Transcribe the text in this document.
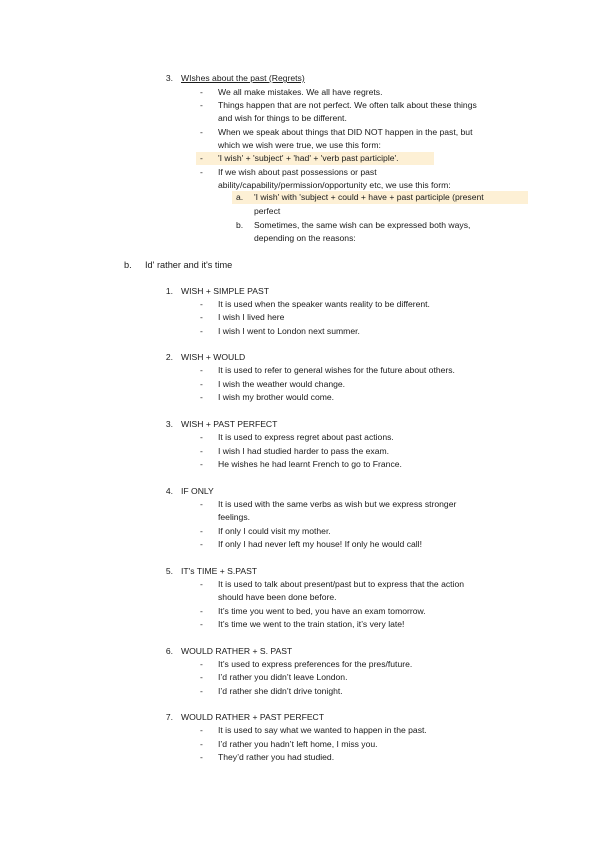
3. WIshes about the past (Regrets)
- We all make mistakes. We all have regrets.
- Things happen that are not perfect. We often talk about these things
and wish for things to be different.
- When we speak about things that DID NOT happen in the past, but
which we wish were true, we use this form:
- 'I wish' + 'subject' + 'had' + 'verb past participle'.
- If we wish about past possessions or past
ability/capability/permission/opportunity etc, we use this form:
a. 'I wish' with 'subject + could + have + past participle (present
perfect
b. Sometimes, the same wish can be expressed both ways,
depending on the reasons:
b. Id' rather and it's time
1. WISH + SIMPLE PAST
- It is used when the speaker wants reality to be different.
- I wish I lived here
- I wish I went to London next summer.
2. WISH + WOULD
- It is used to refer to general wishes for the future about others.
- I wish the weather would change.
- I wish my brother would come.
3. WISH + PAST PERFECT
- It is used to express regret about past actions.
- I wish I had studied harder to pass the exam.
- He wishes he had learnt French to go to France.
4. IF ONLY
- It is used with the same verbs as wish but we express stronger
feelings.
- If only I could visit my mother.
- If only I had never left my house! If only he would call!
5. IT's TIME + S.PAST
- It is used to talk about present/past but to express that the action
should have been done before.
- It’s time you went to bed, you have an exam tomorrow.
- It’s time we went to the train station, it’s very late!
6. WOULD RATHER + S. PAST
- It’s used to express preferences for the pres/future.
- I’d rather you didn’t leave London.
- I’d rather she didn’t drive tonight.
7. WOULD RATHER + PAST PERFECT
- It is used to say what we wanted to happen in the past.
- I’d rather you hadn’t left home, I miss you.
- They’d rather you had studied.
